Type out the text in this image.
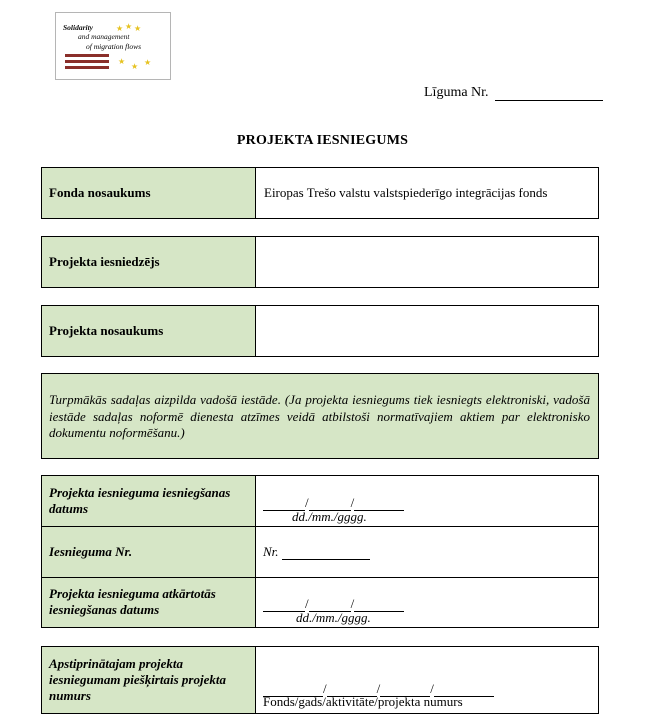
Solidarity
and management
of migration flows
★ ★ ★
★
★ ★
Līguma Nr.
PROJEKTA IESNIEGUMS
Fonda nosaukums	Eiropas Trešo valstu valstspiederīgo integrācijas fonds
Projekta iesniedzējs
Projekta nosaukums

Turpmākās sadaļas aizpilda vadošā iestāde. (Ja projekta iesniegums tiek iesniegts elektroniski, vadošā iestāde sadaļas noformē dienesta atzīmes veidā atbilstoši normatīvajiem aktiem par elektronisko dokumentu noformēšanu.)

Projekta iesnieguma iesniegšanas datums	/	/
dd./mm./gggg.
Iesnieguma Nr.	Nr.
Projekta iesnieguma atkārtotās iesniegšanas datums	/	/
dd./mm./gggg.
Apstiprinātajam projekta iesniegumam piešķirtais projekta numurs	/	/	/
Fonds/gads/aktivitāte/projekta numurs
